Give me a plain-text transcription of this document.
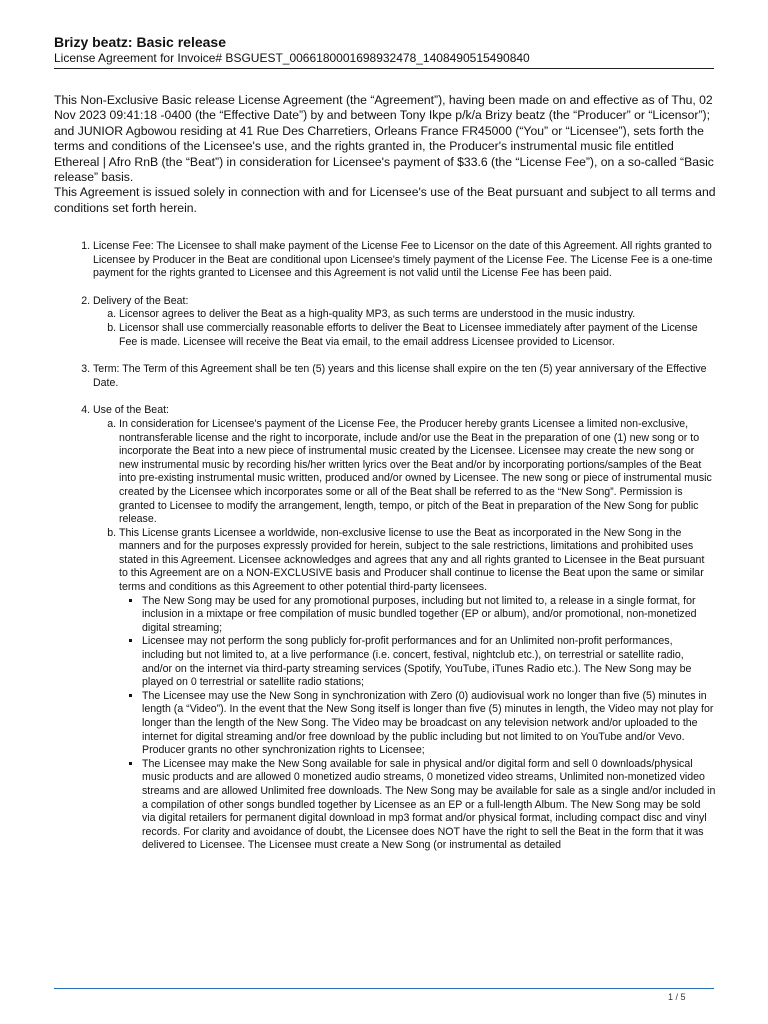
Brizy beatz: Basic release

License Agreement for Invoice# BSGUEST_0066180001698932478_1408490515490840

This Non-Exclusive Basic release License Agreement (the “Agreement”), having been made on and effective as of Thu, 02 Nov 2023 09:41:18 -0400 (the “Effective Date”) by and between Tony Ikpe p/k/a Brizy beatz (the “Producer” or “Licensor”); and JUNIOR Agbowou residing at 41 Rue Des Charretiers, Orleans France FR45000 (“You” or “Licensee”), sets forth the terms and conditions of the Licensee's use, and the rights granted in, the Producer's instrumental music file entitled Ethereal | Afro RnB (the “Beat”) in consideration for Licensee's payment of $33.6 (the “License Fee”), on a so-called “Basic release” basis.

This Agreement is issued solely in connection with and for Licensee's use of the Beat pursuant and subject to all terms and conditions set forth herein.

1. License Fee: The Licensee to shall make payment of the License Fee to Licensor on the date of this Agreement. All rights granted to Licensee by Producer in the Beat are conditional upon Licensee's timely payment of the License Fee. The License Fee is a one-time payment for the rights granted to Licensee and this Agreement is not valid until the License Fee has been paid.
2. Delivery of the Beat:
a. Licensor agrees to deliver the Beat as a high-quality MP3, as such terms are understood in the music industry.
b. Licensor shall use commercially reasonable efforts to deliver the Beat to Licensee immediately after payment of the License Fee is made. Licensee will receive the Beat via email, to the email address Licensee provided to Licensor.
3. Term: The Term of this Agreement shall be ten (5) years and this license shall expire on the ten (5) year anniversary of the Effective Date.
4. Use of the Beat:
a. In consideration for Licensee's payment of the License Fee, the Producer hereby grants Licensee a limited non-exclusive, nontransferable license and the right to incorporate, include and/or use the Beat in the preparation of one (1) new song or to incorporate the Beat into a new piece of instrumental music created by the Licensee. Licensee may create the new song or new instrumental music by recording his/her written lyrics over the Beat and/or by incorporating portions/samples of the Beat into pre-existing instrumental music written, produced and/or owned by Licensee. The new song or piece of instrumental music created by the Licensee which incorporates some or all of the Beat shall be referred to as the “New Song”. Permission is granted to Licensee to modify the arrangement, length, tempo, or pitch of the Beat in preparation of the New Song for public release.
b. This License grants Licensee a worldwide, non-exclusive license to use the Beat as incorporated in the New Song in the manners and for the purposes expressly provided for herein, subject to the sale restrictions, limitations and prohibited uses stated in this Agreement. Licensee acknowledges and agrees that any and all rights granted to Licensee in the Beat pursuant to this Agreement are on a NON-EXCLUSIVE basis and Producer shall continue to license the Beat upon the same or similar terms and conditions as this Agreement to other potential third-party licensees.
▪ The New Song may be used for any promotional purposes, including but not limited to, a release in a single format, for inclusion in a mixtape or free compilation of music bundled together (EP or album), and/or promotional, non-monetized digital streaming;
▪ Licensee may not perform the song publicly for-profit performances and for an Unlimited non-profit performances, including but not limited to, at a live performance (i.e. concert, festival, nightclub etc.), on terrestrial or satellite radio, and/or on the internet via third-party streaming services (Spotify, YouTube, iTunes Radio etc.). The New Song may be played on 0 terrestrial or satellite radio stations;
▪ The Licensee may use the New Song in synchronization with Zero (0) audiovisual work no longer than five (5) minutes in length (a “Video”). In the event that the New Song itself is longer than five (5) minutes in length, the Video may not play for longer than the length of the New Song. The Video may be broadcast on any television network and/or uploaded to the internet for digital streaming and/or free download by the public including but not limited to on YouTube and/or Vevo. Producer grants no other synchronization rights to Licensee;
▪ The Licensee may make the New Song available for sale in physical and/or digital form and sell 0 downloads/physical music products and are allowed 0 monetized audio streams, 0 monetized video streams, Unlimited non-monetized video streams and are allowed Unlimited free downloads. The New Song may be available for sale as a single and/or included in a compilation of other songs bundled together by Licensee as an EP or a full-length Album. The New Song may be sold via digital retailers for permanent digital download in mp3 format and/or physical format, including compact disc and vinyl records. For clarity and avoidance of doubt, the Licensee does NOT have the right to sell the Beat in the form that it was delivered to Licensee. The Licensee must create a New Song (or instrumental as detailed
1 / 5
